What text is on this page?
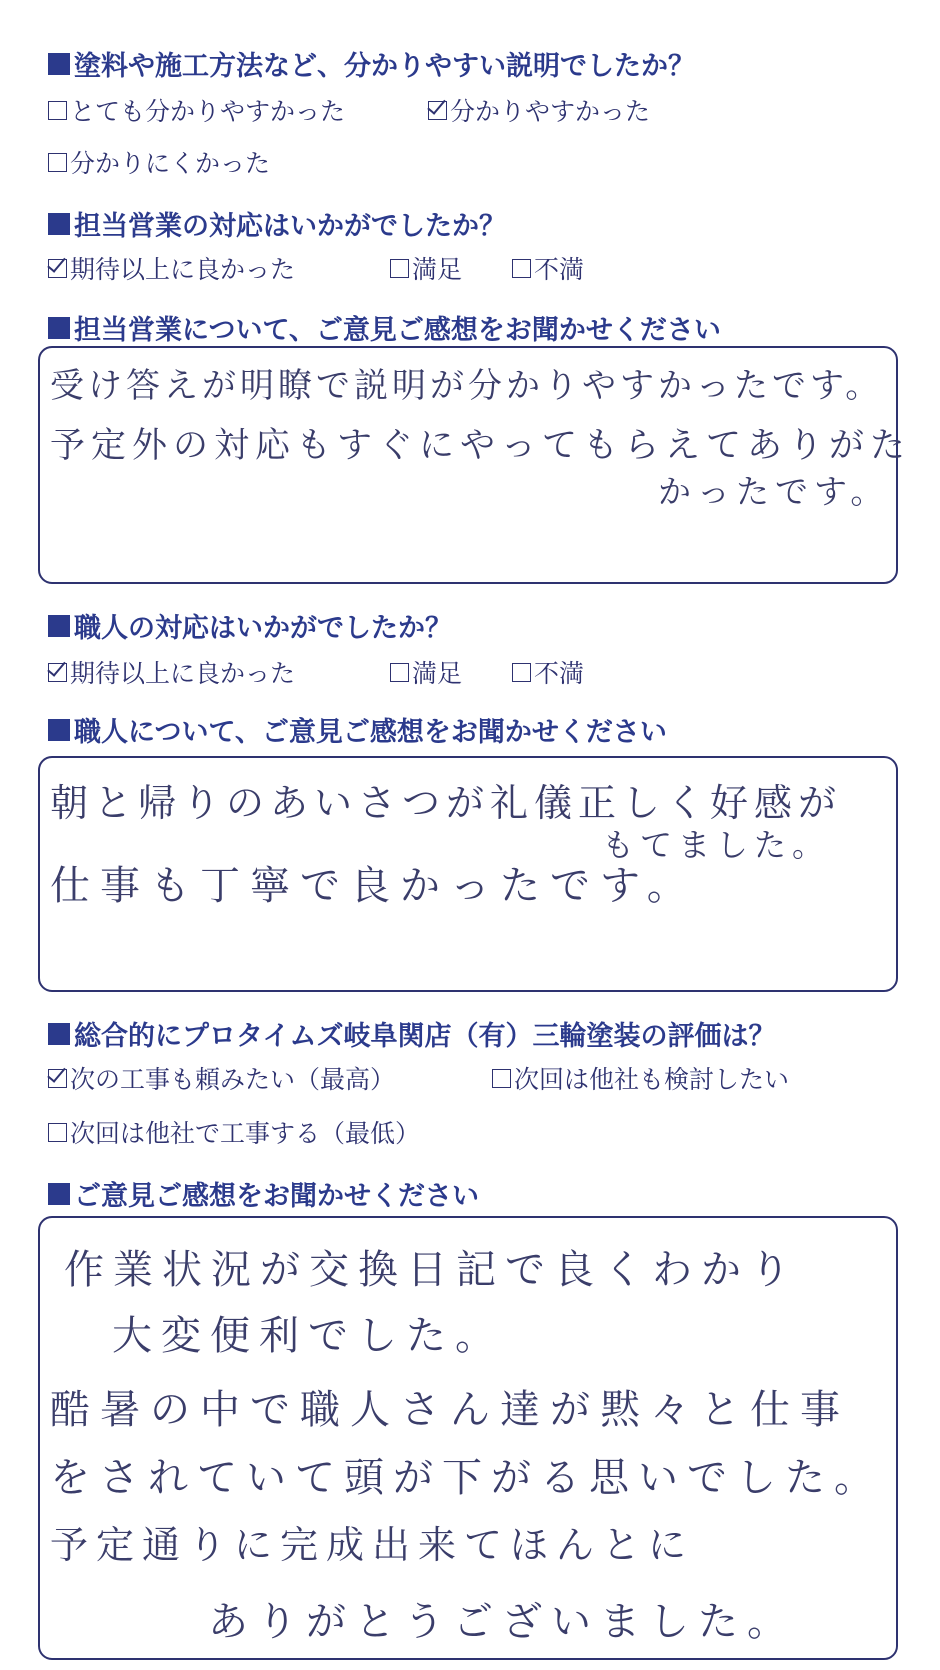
塗料や施工方法など、分かりやすい説明でしたか？
とても分かりやすかった	分かりやすかった
分かりにくかった
担当営業の対応はいかがでしたか？
期待以上に良かった	満足	不満
担当営業について、ご意見ご感想をお聞かせください
受け答えが明瞭で説明が分かりやすかったです。
予定外の対応もすぐにやってもらえてありがた
かったです。
職人の対応はいかがでしたか？
期待以上に良かった	満足	不満
職人について、ご意見ご感想をお聞かせください
朝と帰りのあいさつが礼儀正しく好感が
もてました。
仕事も丁寧で良かったです。
総合的にプロタイムズ岐阜関店（有）三輪塗装の評価は？
次の工事も頼みたい（最高）	次回は他社も検討したい
次回は他社で工事する（最低）
ご意見ご感想をお聞かせください
作業状況が交換日記で良くわかり
大変便利でした。
酷暑の中で職人さん達が黙々と仕事
をされていて頭が下がる思いでした。
予定通りに完成出来てほんとに
ありがとうございました。
